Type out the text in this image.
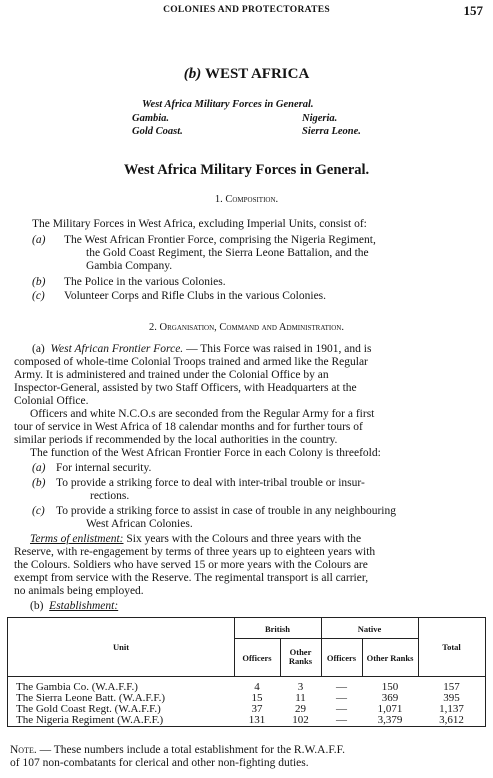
COLONIES AND PROTECTORATES	157
(b) WEST AFRICA
West Africa Military Forces in General.
Gambia.
Gold Coast.
Nigeria.
Sierra Leone.
West Africa Military Forces in General.
1. Composition.
The Military Forces in West Africa, excluding Imperial Units, consist of:
(a) The West African Frontier Force, comprising the Nigeria Regiment,
the Gold Coast Regiment, the Sierra Leone Battalion, and the
Gambia Company.
(b) The Police in the various Colonies.
(c) Volunteer Corps and Rifle Clubs in the various Colonies.
2. Organisation, Command and Administration.
(a) West African Frontier Force. — This Force was raised in 1901, and is
composed of whole-time Colonial Troops trained and armed like the Regular
Army. It is administered and trained under the Colonial Office by an
Inspector-General, assisted by two Staff Officers, with Headquarters at the
Colonial Office.
Officers and white N.C.O.s are seconded from the Regular Army for a first
tour of service in West Africa of 18 calendar months and for further tours of
similar periods if recommended by the local authorities in the country.
The function of the West African Frontier Force in each Colony is threefold:
(a) For internal security.
(b) To provide a striking force to deal with inter-tribal trouble or insur-
rections.
(c) To provide a striking force to assist in case of trouble in any neighbouring
West African Colonies.
Terms of enlistment: Six years with the Colours and three years with the
Reserve, with re-engagement by terms of three years up to eighteen years with
the Colours. Soldiers who have served 15 or more years with the Colours are
exempt from service with the Reserve. The regimental transport is all carrier,
no animals being employed.
(b) Establishment:
Unit
British	Native
Total
Officers
Other
Ranks	Officers	Other Ranks
The Gambia Co. (W.A.F.F.)	4	3	—	150	157
The Sierra Leone Batt. (W.A.F.F.)	15	11	—	369	395
The Gold Coast Regt. (W.A.F.F.)	37	29	—	1,071	1,137
The Nigeria Regiment (W.A.F.F.)	131	102	—	3,379	3,612
Note. — These numbers include a total establishment for the R.W.A.F.F.
of 107 non-combatants for clerical and other non-fighting duties.
